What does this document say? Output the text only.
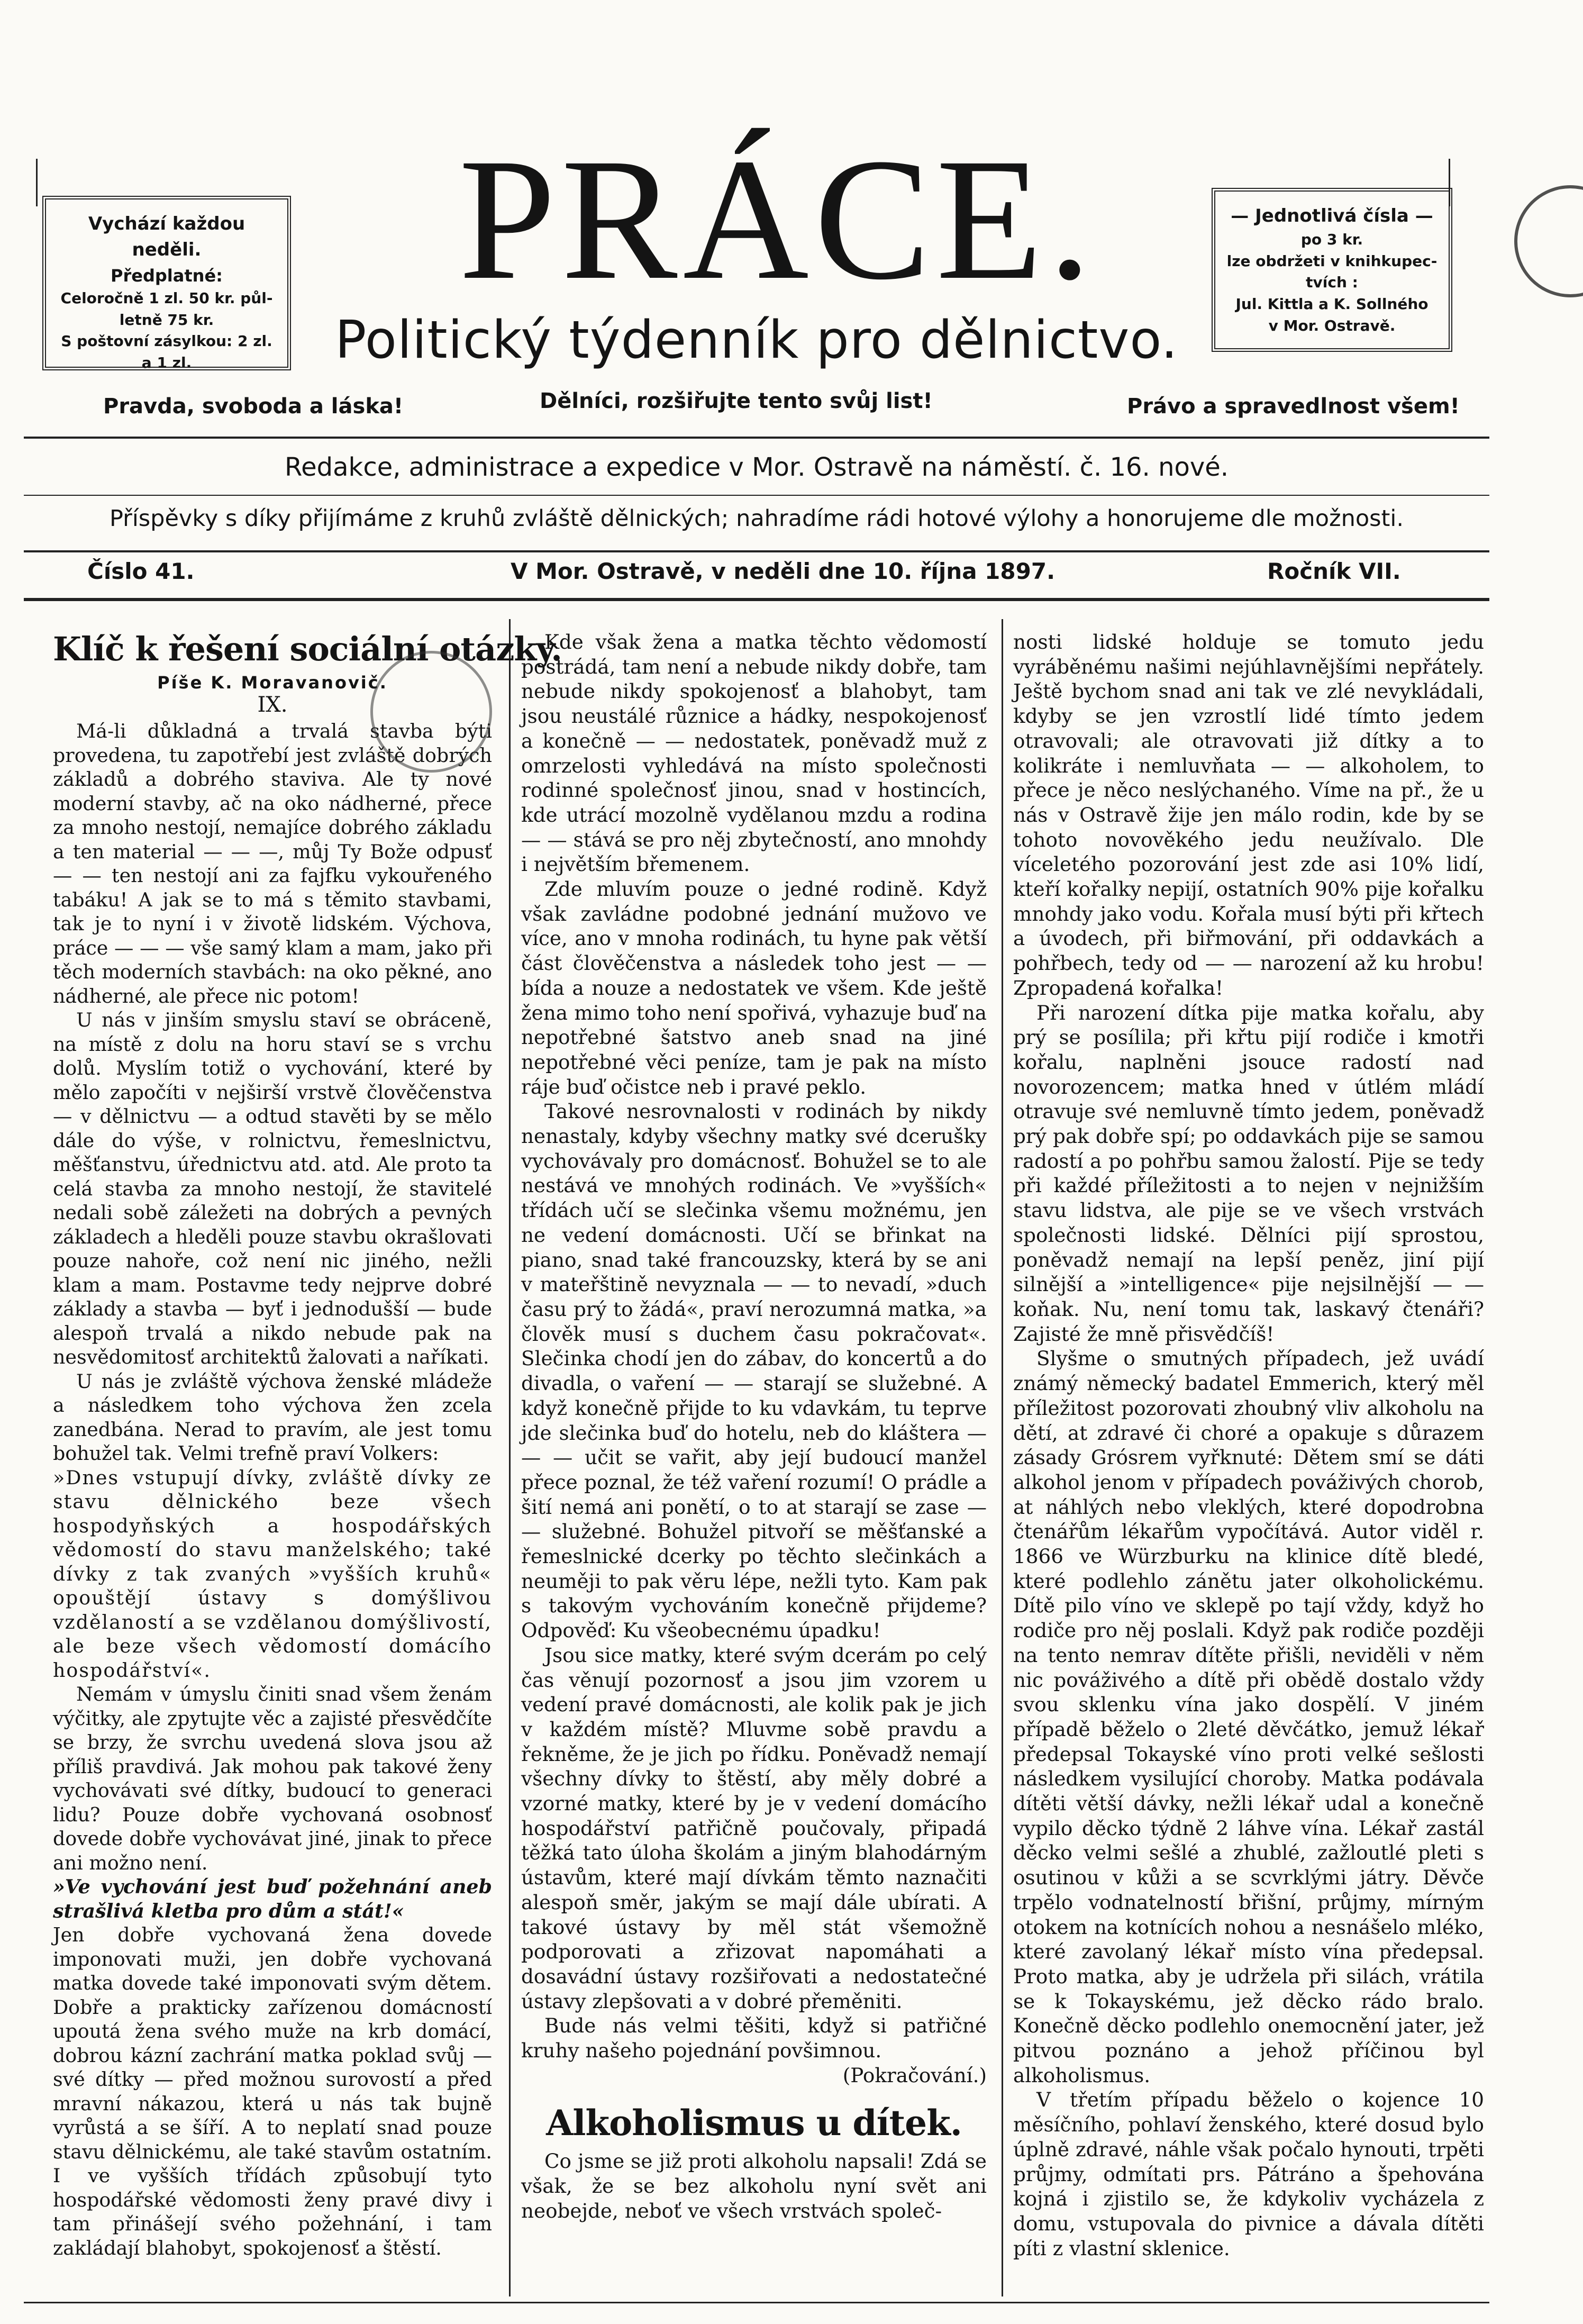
Vychází každou neděli.

Předplatné:

Celoročně 1 zl. 50 kr. půl-

letně 75 kr.

S poštovní zásylkou: 2 zl.

a 1 zl.

PRÁCE.
Politický týdenník pro dělnictvo.

— Jednotlivá čísla —

po 3 kr.

lze obdržeti v knihkupec-

tvích :

Jul. Kittla a K. Sollného

v Mor. Ostravě.

Pravda, svoboda a láska!	Dělníci, rozšiřujte tento svůj list!	Právo a spravedlnost všem!
Redakce, administrace a expedice v Mor. Ostravě na náměstí. č. 16. nové.
Příspěvky s díky přijímáme z kruhů zvláště dělnických; nahradíme rádi hotové výlohy a honorujeme dle možnosti.
Číslo 41.	V Mor. Ostravě, v neděli dne 10. října 1897.	Ročník VII.
Klíč k řešení sociální otázky.
Píše K. Moravanovič.
IX.

Má-li důkladná a trvalá stavba býti provedena, tu zapotřebí jest zvláště dobrých základů a dobrého staviva. Ale ty nové moderní stavby, ač na oko nádherné, přece za mnoho nestojí, nemajíce dobrého základu a ten material — — —, můj Ty Bože odpusť — — ten nestojí ani za fajfku vykouřeného tabáku! A jak se to má s těmito stavbami, tak je to nyní i v životě lidském. Výchova, práce — — — vše samý klam a mam, jako při těch moderních stavbách: na oko pěkné, ano nádherné, ale přece nic potom!

U nás v jinším smyslu staví se obráceně, na místě z dolu na horu staví se s vrchu dolů. Myslím totiž o vychování, které by mělo započíti v nejširší vrstvě člověčenstva — v dělnictvu — a odtud stavěti by se mělo dále do výše, v rolnictvu, řemeslnictvu, měšťanstvu, úřednictvu atd. atd. Ale proto ta celá stavba za mnoho nestojí, že stavitelé nedali sobě záležeti na dobrých a pevných základech a hleděli pouze stavbu okrašlovati pouze nahoře, což není nic jiného, nežli klam a mam. Postavme tedy nejprve dobré základy a stavba — byť i jednodušší — bude alespoň trvalá a nikdo nebude pak na nesvědomitosť architektů žalovati a naříkati.

U nás je zvláště výchova ženské mládeže a následkem toho výchova žen zcela zanedbána. Nerad to pravím, ale jest tomu bohužel tak. Velmi trefně praví Volkers:

»Dnes vstupují dívky, zvláště dívky ze stavu dělnického beze všech hospodyňských a hospodářských vědomostí do stavu manželského; také dívky z tak zvaných »vyšších kruhů« opouštějí ústavy s domýšlivou vzdělaností a se vzdělanou domýšlivostí, ale beze všech vědomostí domácího hospodářství«.

Nemám v úmyslu činiti snad všem ženám výčitky, ale zpytujte věc a zajisté přesvědčíte se brzy, že svrchu uvedená slova jsou až příliš pravdivá. Jak mohou pak takové ženy vychovávati své dítky, budoucí to generaci lidu? Pouze dobře vychovaná osobnosť dovede dobře vychovávat jiné, jinak to přece ani možno není.

»Ve vychování jest buď požehnání aneb strašlivá kletba pro dům a stát!«

Jen dobře vychovaná žena dovede imponovati muži, jen dobře vychovaná matka dovede také imponovati svým dětem. Dobře a prakticky zařízenou domácností upoutá žena svého muže na krb domácí, dobrou kázní zachrání matka poklad svůj — své dítky — před možnou surovostí a před mravní nákazou, která u nás tak bujně vyrůstá a se šíří. A to neplatí snad pouze stavu dělnickému, ale také stavům ostatním. I ve vyšších třídách způsobují tyto hospodářské vědomosti ženy pravé divy i tam přinášejí svého požehnání, i tam zakládají blahobyt, spokojenosť a štěstí.

Kde však žena a matka těchto vědomostí postrádá, tam není a nebude nikdy dobře, tam nebude nikdy spokojenosť a blahobyt, tam jsou neustálé různice a hádky, nespokojenosť a konečně — — nedostatek, poněvadž muž z omrzelosti vyhledává na místo společnosti rodinné společnosť jinou, snad v hostincích, kde utrácí mozolně vydělanou mzdu a rodina — — stává se pro něj zbytečností, ano mnohdy i největším břemenem.

Zde mluvím pouze o jedné rodině. Když však zavládne podobné jednání mužovo ve více, ano v mnoha rodinách, tu hyne pak větší část člověčenstva a následek toho jest — — bída a nouze a nedostatek ve všem. Kde ještě žena mimo toho není spořivá, vyhazuje buď na nepotřebné šatstvo aneb snad na jiné nepotřebné věci peníze, tam je pak na místo ráje buď očistce neb i pravé peklo.

Takové nesrovnalosti v rodinách by nikdy nenastaly, kdyby všechny matky své dcerušky vychovávaly pro domácnosť. Bohužel se to ale nestává ve mnohých rodinách. Ve »vyšších« třídách učí se slečinka všemu možnému, jen ne vedení domácnosti. Učí se břinkat na piano, snad také francouzsky, která by se ani v mateřštině nevyznala — — to nevadí, »duch času prý to žádá«, praví nerozumná matka, »a člověk musí s duchem času pokračovat«. Slečinka chodí jen do zábav, do koncertů a do divadla, o vaření — — starají se služebné. A když konečně přijde to ku vdavkám, tu teprve jde slečinka buď do hotelu, neb do kláštera — — — učit se vařit, aby její budoucí manžel přece poznal, že též vaření rozumí! O prádle a šití nemá ani ponětí, o to at starají se zase — — služebné. Bohužel pitvoří se měšťanské a řemeslnické dcerky po těchto slečinkách a neuměji to pak věru lépe, nežli tyto. Kam pak s takovým vychováním konečně přijdeme? Odpověď: Ku všeobecnému úpadku!

Jsou sice matky, které svým dcerám po celý čas věnují pozornosť a jsou jim vzorem u vedení pravé domácnosti, ale kolik pak je jich v každém místě? Mluvme sobě pravdu a řekněme, že je jich po řídku. Poněvadž nemají všechny dívky to štěstí, aby měly dobré a vzorné matky, které by je v vedení domácího hospodářství patřičně poučovaly, připadá těžká tato úloha školám a jiným blahodárným ústavům, které mají dívkám těmto naznačiti alespoň směr, jakým se mají dále ubírati. A takové ústavy by měl stát všemožně podporovati a zřizovat napomáhati a dosavádní ústavy rozšiřovati a nedostatečné ústavy zlepšovati a v dobré přeměniti.

Bude nás velmi těšiti, když si patřičné kruhy našeho pojednání povšimnou.

(Pokračování.)

Alkoholismus u dítek.

Co jsme se již proti alkoholu napsali! Zdá se však, že se bez alkoholu nyní svět ani neobejde, neboť ve všech vrstvách společ-

nosti lidské holduje se tomuto jedu vyráběnému našimi nejúhlavnějšími nepřátely. Ještě bychom snad ani tak ve zlé nevykládali, kdyby se jen vzrostlí lidé tímto jedem otravovali; ale otravovati již dítky a to kolikráte i nemluvňata — — alkoholem, to přece je něco neslýchaného. Víme na př., že u nás v Ostravě žije jen málo rodin, kde by se tohoto novověkého jedu neužívalo. Dle víceletého pozorování jest zde asi 10% lidí, kteří kořalky nepijí, ostatních 90% pije kořalku mnohdy jako vodu. Kořala musí býti při křtech a úvodech, při biřmování, při oddavkách a pohřbech, tedy od — — narození až ku hrobu! Zpropadená kořalka!

Při narození dítka pije matka kořalu, aby prý se posílila; při křtu pijí rodiče i kmotři kořalu, naplněni jsouce radostí nad novorozencem; matka hned v útlém mládí otravuje své nemluvně tímto jedem, poněvadž prý pak dobře spí; po oddavkách pije se samou radostí a po pohřbu samou žalostí. Pije se tedy při každé příležitosti a to nejen v nejnižším stavu lidstva, ale pije se ve všech vrstvách společnosti lidské. Dělníci pijí sprostou, poněvadž nemají na lepší peněz, jiní pijí silnější a »intelligence« pije nejsilnější — — koňak. Nu, není tomu tak, laskavý čtenáři? Zajisté že mně přisvědčíš!

Slyšme o smutných případech, jež uvádí známý německý badatel Emmerich, který měl příležitost pozorovati zhoubný vliv alkoholu na dětí, at zdravé či choré a opakuje s důrazem zásady Grósrem vyřknuté: Dětem smí se dáti alkohol jenom v případech pováživých chorob, at náhlých nebo vleklých, které dopodrobna čtenářům lékařům vypočítává. Autor viděl r. 1866 ve Würzburku na klinice dítě bledé, které podlehlo zánětu jater olkoholickému. Dítě pilo víno ve sklepě po tají vždy, když ho rodiče pro něj poslali. Když pak rodiče později na tento nemrav dítěte přišli, neviděli v něm nic pováživého a dítě při obědě dostalo vždy svou sklenku vína jako dospělí. V jiném případě běželo o 2leté děvčátko, jemuž lékař předepsal Tokayské víno proti velké sešlosti následkem vysilující choroby. Matka podávala dítěti větší dávky, nežli lékař udal a konečně vypilo děcko týdně 2 láhve vína. Lékař zastál děcko velmi sešlé a zhublé, zažloutlé pleti s osutinou v kůži a se scvrklými játry. Děvče trpělo vodnatelností břišní, průjmy, mírným otokem na kotnících nohou a nesnášelo mléko, které zavolaný lékař místo vína předepsal. Proto matka, aby je udržela při silách, vrátila se k Tokayskému, jež děcko rádo bralo. Konečně děcko podlehlo onemocnění jater, jež pitvou poznáno a jehož příčinou byl alkoholismus.

V třetím případu běželo o kojence 10 měsíčního, pohlaví ženského, které dosud bylo úplně zdravé, náhle však počalo hynouti, trpěti průjmy, odmítati prs. Pátráno a špehována kojná i zjistilo se, že kdykoliv vycházela z domu, vstupovala do pivnice a dávala dítěti píti z vlastní sklenice.
